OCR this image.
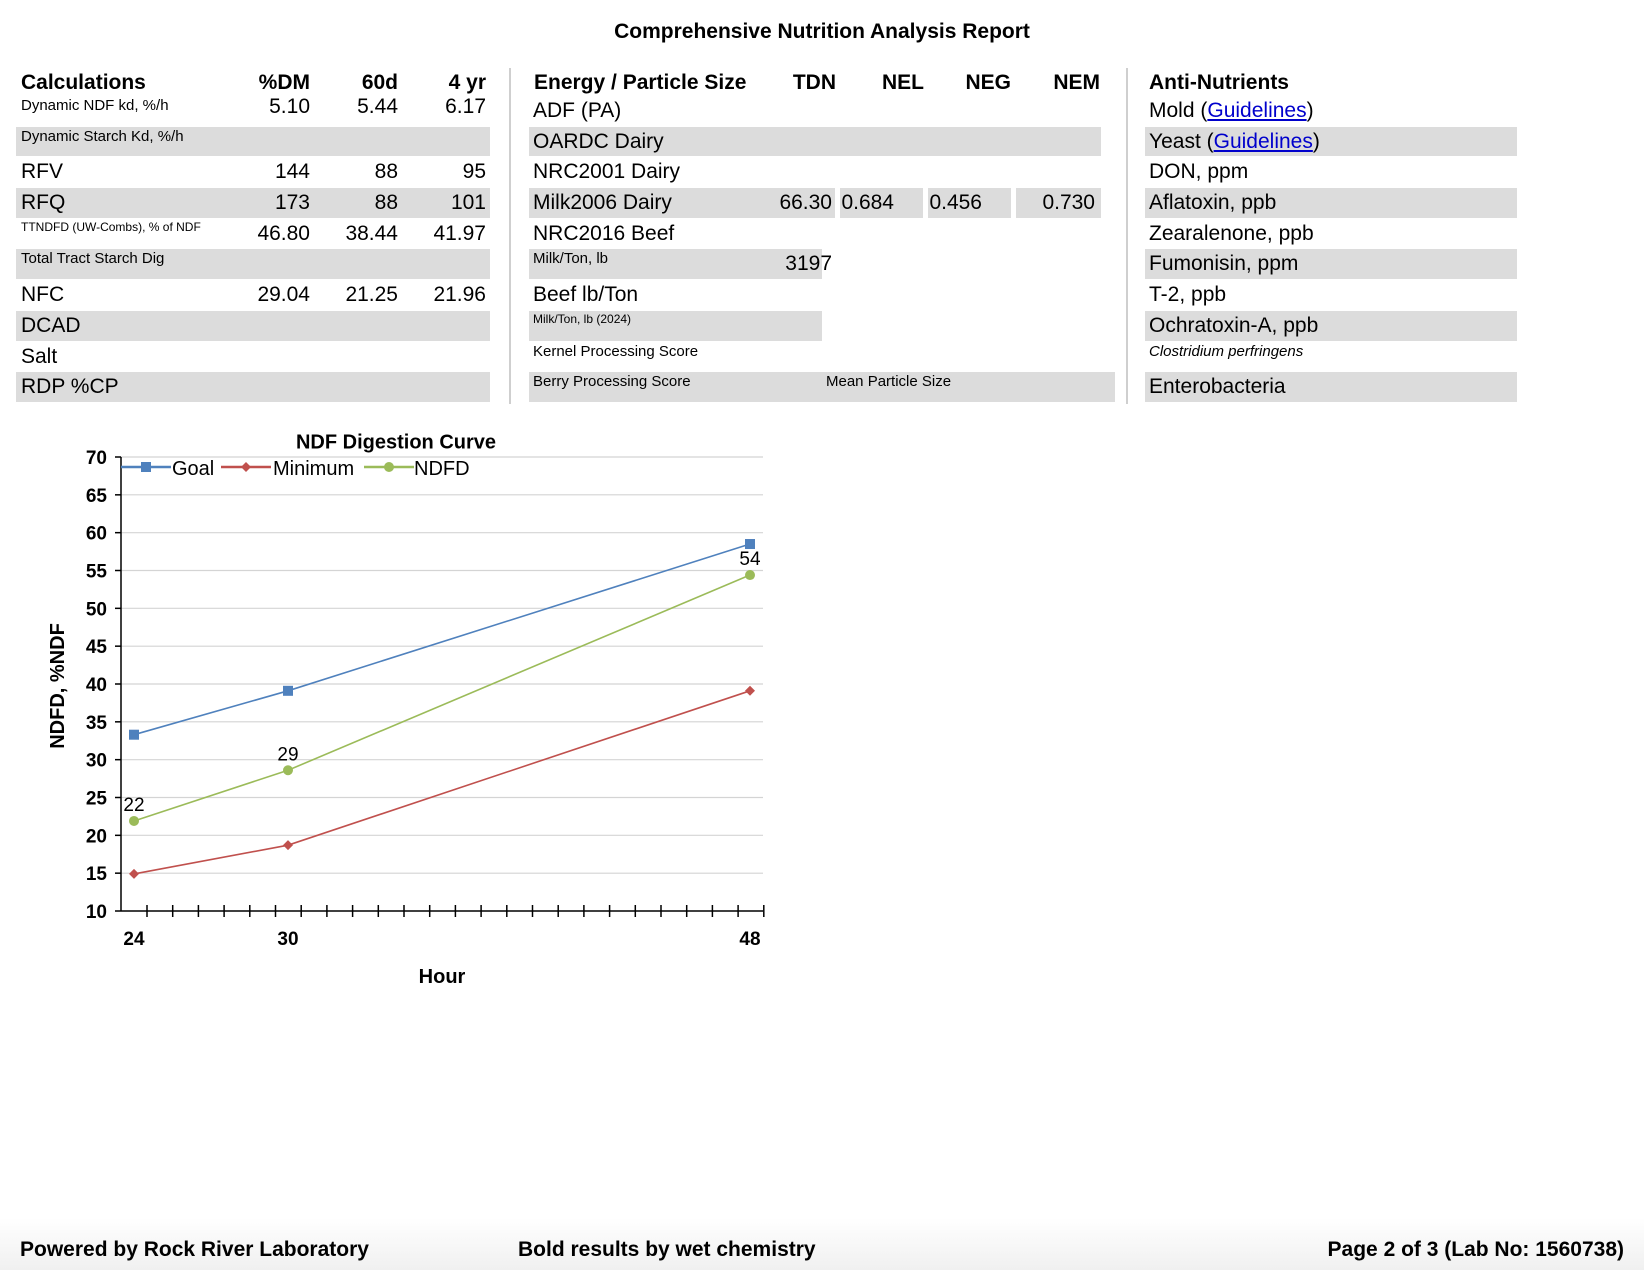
Comprehensive Nutrition Analysis Report
Calculations	%DM 60d 4 yr
Dynamic NDF kd, %/h	5.10 5.44 6.17
Dynamic Starch Kd, %/h
RFV	144	88	95
RFQ	173	88	101
TTNDFD (UW-Combs), % of NDF	46.80 38.44 41.97
Total Tract Starch Dig
NFC	29.04 21.25 21.96
DCAD
Salt
RDP %CP
Energy / Particle Size TDN NEL NEG NEM
ADF (PA)
OARDC Dairy
NRC2001 Dairy
Milk2006 Dairy	66.30 0.684 0.456	0.730
NRC2016 Beef
Milk/Ton, lb	3197
Beef lb/Ton
Milk/Ton, lb (2024)
Kernel Processing Score
Berry Processing Score	Mean Particle Size
Anti-Nutrients
Mold (Guidelines)
Yeast (Guidelines)
DON, ppm
Aflatoxin, ppb
Zearalenone, ppb
Fumonisin, ppm
T-2, ppb
Ochratoxin-A, ppb
Clostridium perfringens
Enterobacteria
10
15
20
25
30
35
40
45
50
55
60
65
70
24	30	48
NDF Digestion Curve
Hour
NDFD, %NDF
22
29
54
Goal	Minimum	NDFD
Powered by Rock River Laboratory	Bold results by wet chemistry	Page 2 of 3 (Lab No: 1560738)
